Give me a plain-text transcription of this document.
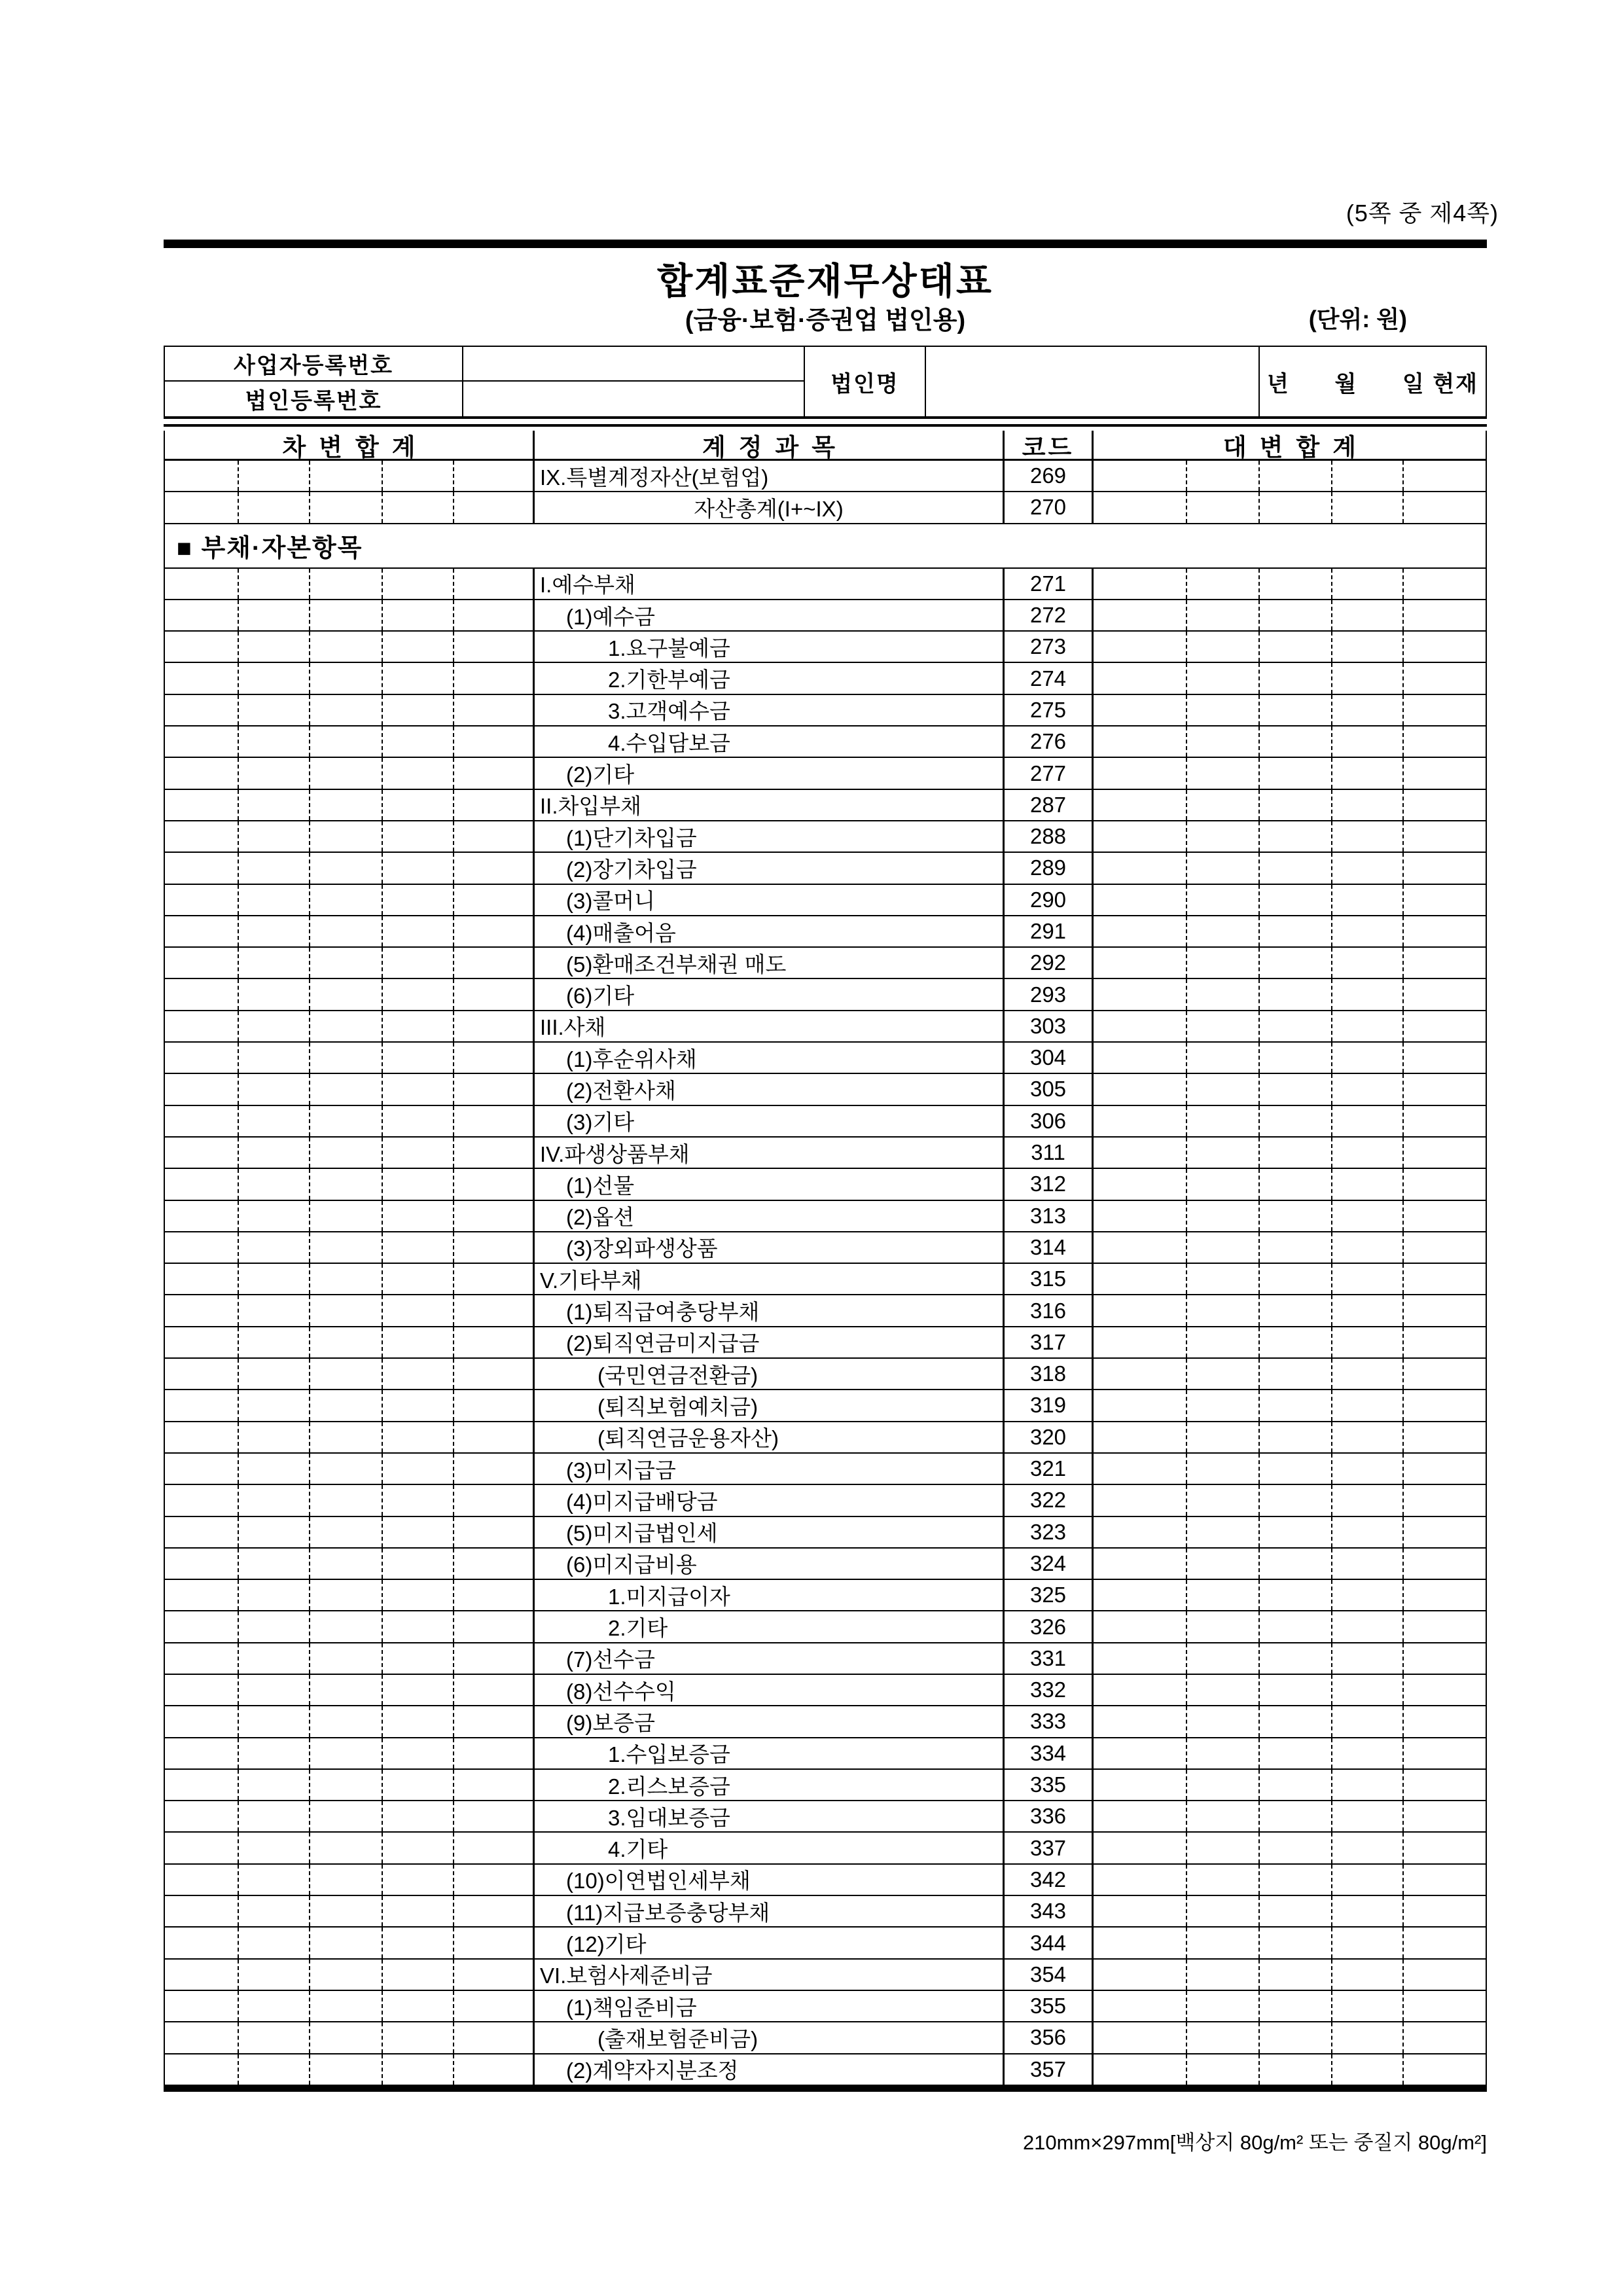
(5쪽 중 제4쪽)
합계표준재무상태표
(금융·보험·증권업 법인용)	(단위: 원)
사업자등록번호
법인등록번호
법인명	년      월      일 현재
차변합계	계정과목	코드	대변합계
IX.특별계정자산(보험업)	269
자산총계(I+~IX)	270
■ 부채·자본항목
I.예수부채	271
(1)예수금	272
1.요구불예금	273
2.기한부예금	274
3.고객예수금	275
4.수입담보금	276
(2)기타	277
II.차입부채	287
(1)단기차입금	288
(2)장기차입금	289
(3)콜머니	290
(4)매출어음	291
(5)환매조건부채권 매도	292
(6)기타	293
III.사채	303
(1)후순위사채	304
(2)전환사채	305
(3)기타	306
IV.파생상품부채	311
(1)선물	312
(2)옵션	313
(3)장외파생상품	314
V.기타부채	315
(1)퇴직급여충당부채	316
(2)퇴직연금미지급금	317
(국민연금전환금)	318
(퇴직보험예치금)	319
(퇴직연금운용자산)	320
(3)미지급금	321
(4)미지급배당금	322
(5)미지급법인세	323
(6)미지급비용	324
1.미지급이자	325
2.기타	326
(7)선수금	331
(8)선수수익	332
(9)보증금	333
1.수입보증금	334
2.리스보증금	335
3.임대보증금	336
4.기타	337
(10)이연법인세부채	342
(11)지급보증충당부채	343
(12)기타	344
VI.보험사제준비금	354
(1)책임준비금	355
(출재보험준비금)	356
(2)계약자지분조정	357
210mm×297mm[백상지 80g/m² 또는 중질지 80g/m²]
